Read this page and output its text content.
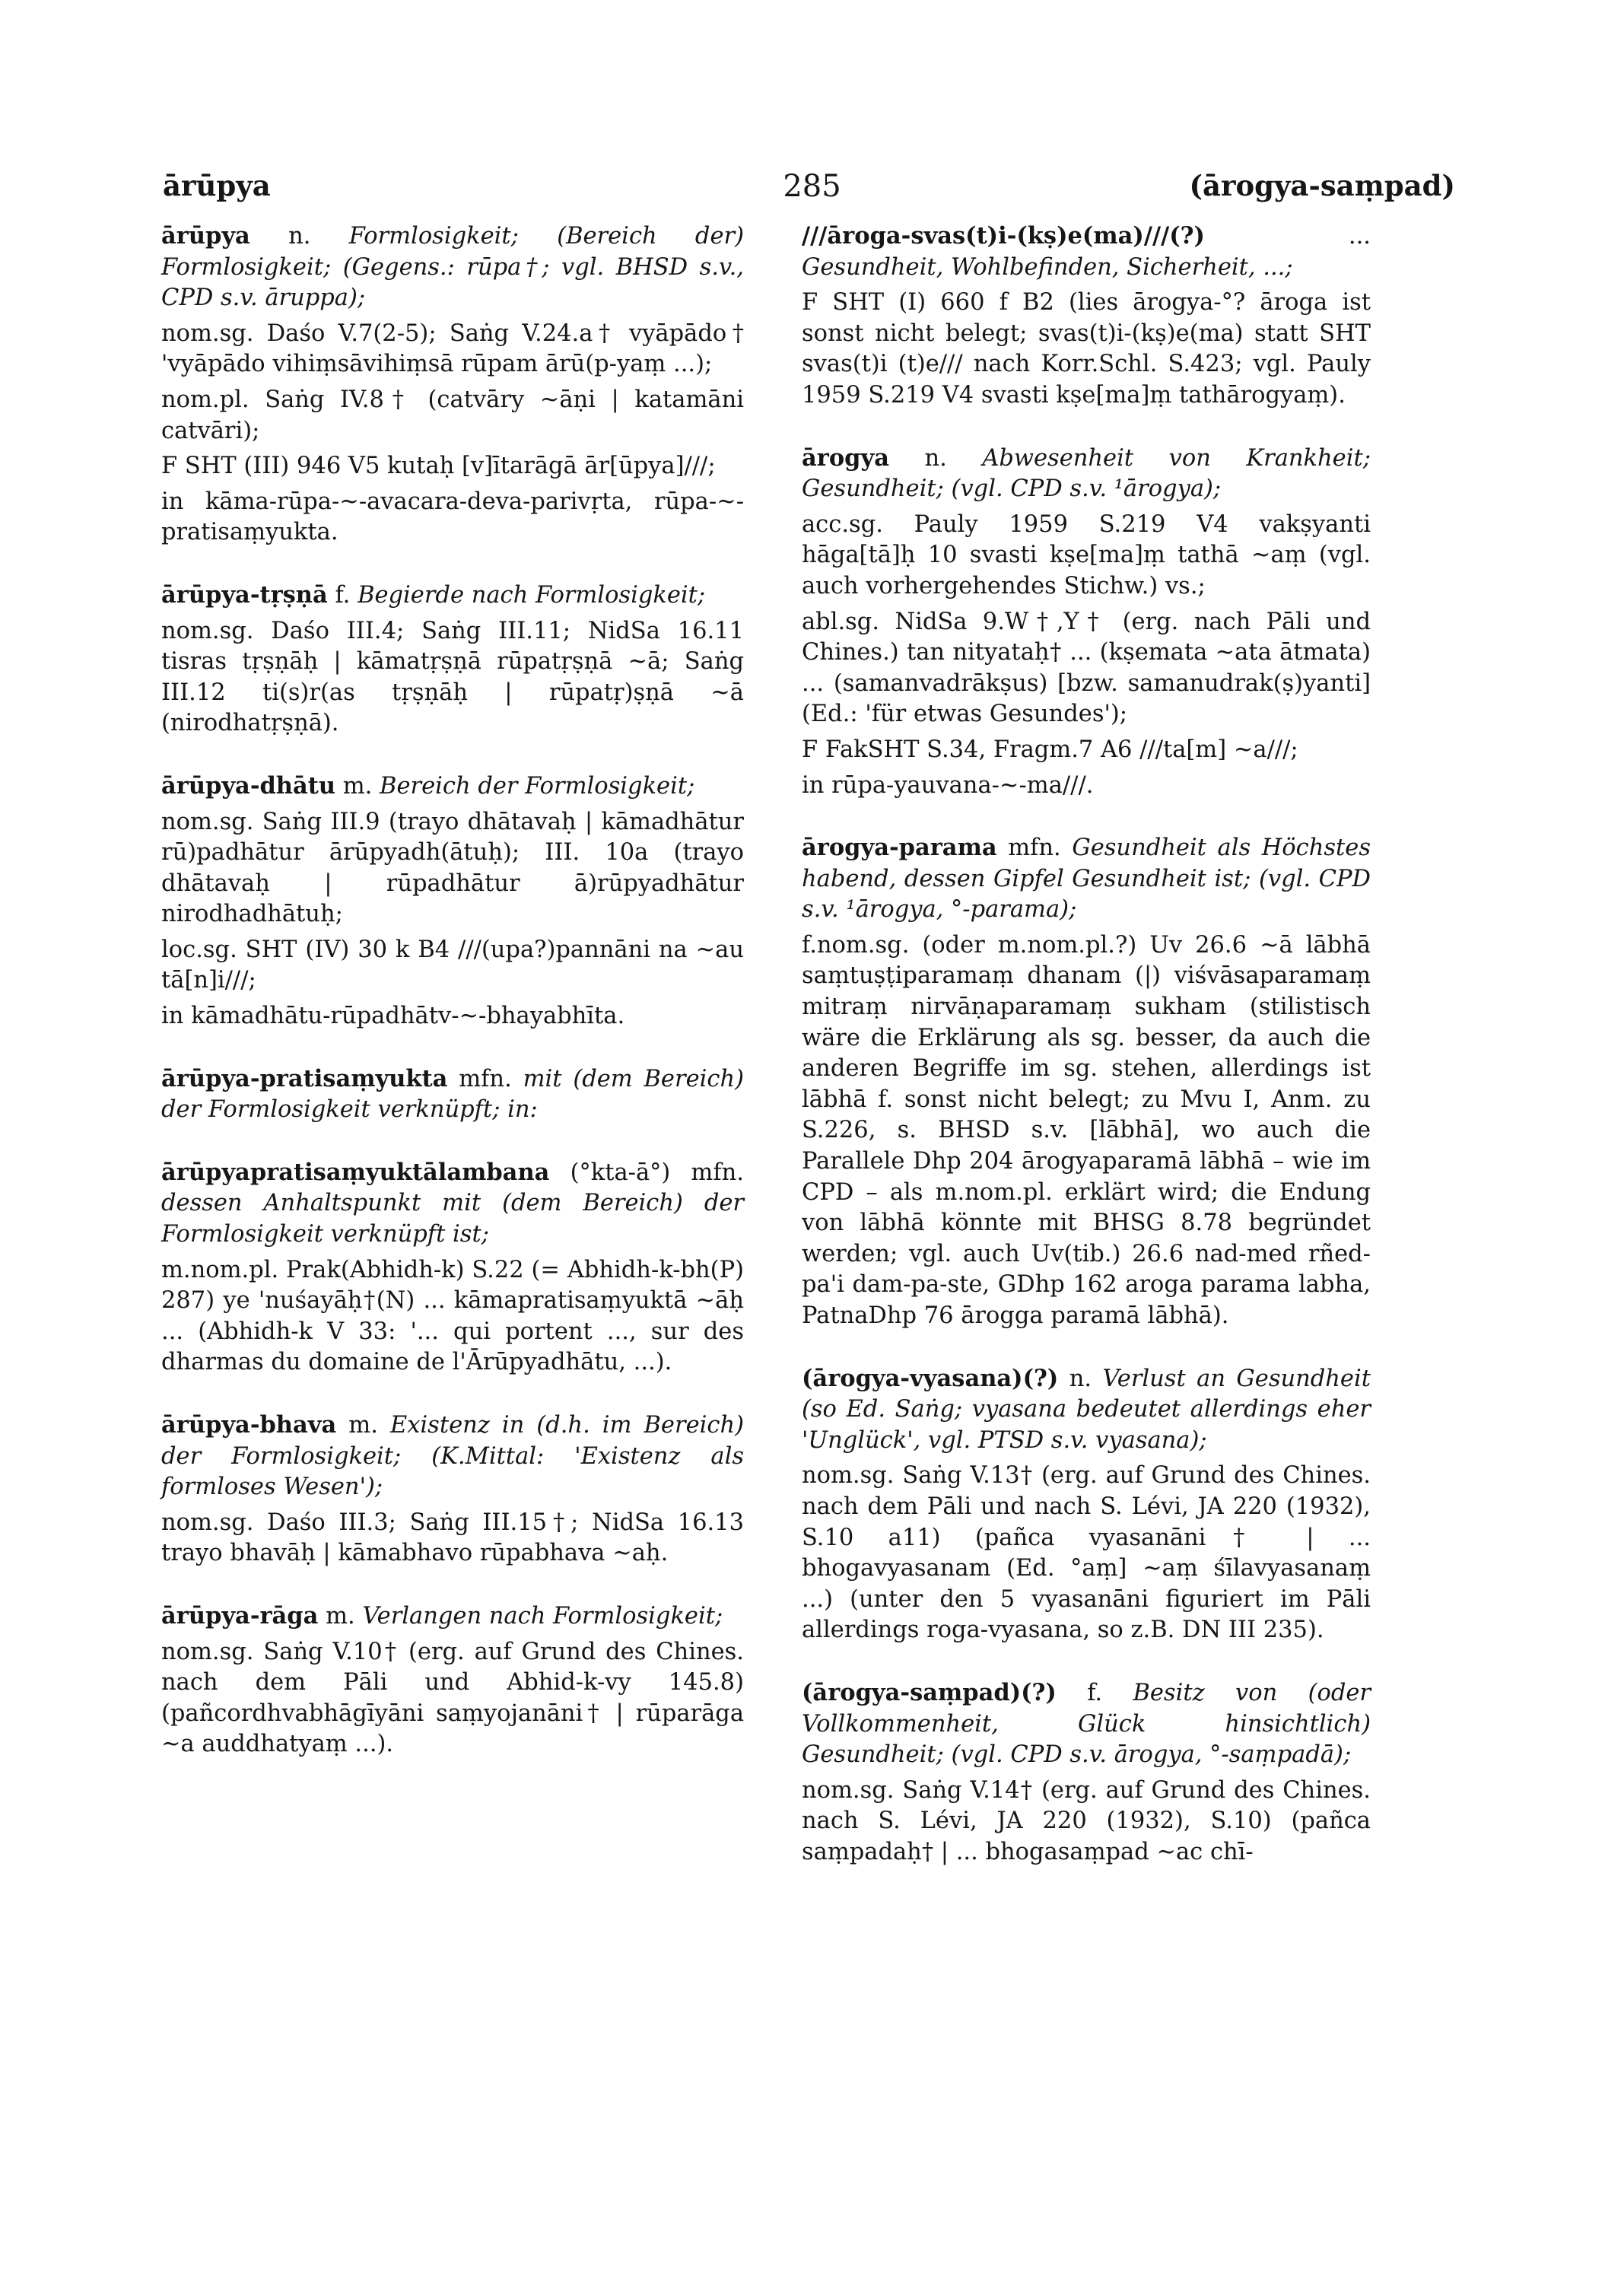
ārūpya	285	(ārogya-saṃpad)

ārūpya n. Formlosigkeit; (Bereich der) Formlosigkeit; (Gegens.: rūpa†; vgl. BHSD s.v., CPD s.v. āruppa);

nom.sg. Daśo V.7(2-5); Saṅg V.24.a† vyāpādo† 'vyāpādo vihiṃsāvihiṃsā rūpam ārū(p-yaṃ ...);

nom.pl. Saṅg IV.8† (catvāry ~āṇi | katamāni catvāri);

F SHT (III) 946 V5 kutaḥ [v]ītarāgā ār[ūpya]///;

in kāma-rūpa-~-avacara-deva-parivṛta, rūpa-~-pratisaṃyukta.

ārūpya-tṛṣṇā f. Begierde nach Formlosigkeit;

nom.sg. Daśo III.4; Saṅg III.11; NidSa 16.11 tisras tṛṣṇāḥ | kāmatṛṣṇā rūpatṛṣṇā ~ā; Saṅg III.12 ti(s)r(as tṛṣṇāḥ | rūpatṛ)ṣṇā ~ā (nirodhatṛṣṇā).

ārūpya-dhātu m. Bereich der Formlosigkeit;

nom.sg. Saṅg III.9 (trayo dhātavaḥ | kāmadhātur rū)padhātur ārūpyadh(ātuḥ); III. 10a (trayo dhātavaḥ | rūpadhātur ā)rūpyadhātur nirodhadhātuḥ;

loc.sg. SHT (IV) 30 k B4 ///(upa?)pannāni na ~au tā[n]i///;

in kāmadhātu-rūpadhātv-~-bhayabhīta.

ārūpya-pratisaṃyukta mfn. mit (dem Bereich) der Formlosigkeit verknüpft; in:

ārūpyapratisaṃyuktālambana (°kta-ā°) mfn. dessen Anhaltspunkt mit (dem Bereich) der Formlosigkeit verknüpft ist;

m.nom.pl. Prak(Abhidh-k) S.22 (= Abhidh-k-bh(P) 287) ye 'nuśayāḥ†(N) ... kāmapratisaṃyuktā ~āḥ ... (Abhidh-k V 33: '... qui portent ..., sur des dharmas du domaine de l'Ārūpyadhātu, ...).

ārūpya-bhava m. Existenz in (d.h. im Bereich) der Formlosigkeit; (K.Mittal: 'Existenz als formloses Wesen');

nom.sg. Daśo III.3; Saṅg III.15†; NidSa 16.13 trayo bhavāḥ | kāmabhavo rūpabhava ~aḥ.

ārūpya-rāga m. Verlangen nach Formlosigkeit;

nom.sg. Saṅg V.10† (erg. auf Grund des Chines. nach dem Pāli und Abhid-k-vy 145.8) (pañcordhvabhāgīyāni saṃyojanāni† | rūparāga ~a auddhatyaṃ ...).

///āroga-svas(t)i-(kṣ)e(ma)///(?)	... Gesundheit, Wohlbefinden, Sicherheit, ...;

F SHT (I) 660 f B2 (lies ārogya-°? āroga ist sonst nicht belegt; svas(t)i-(kṣ)e(ma) statt SHT svas(t)i (t)e/// nach Korr.Schl. S.423; vgl. Pauly 1959 S.219 V4 svasti kṣe[ma]ṃ tathārogyaṃ).

ārogya n. Abwesenheit von Krankheit; Gesundheit; (vgl. CPD s.v. ¹ārogya);

acc.sg. Pauly 1959 S.219 V4 vakṣyanti hāga[tā]ḥ 10 svasti kṣe[ma]ṃ tathā ~aṃ (vgl. auch vorhergehendes Stichw.) vs.;

abl.sg. NidSa 9.W†,Y† (erg. nach Pāli und Chines.) tan nityataḥ† ... (kṣemata ~ata ātmata) ... (samanvadrākṣus) [bzw. samanudrak(ṣ)yanti] (Ed.: 'für etwas Gesundes');

F FakSHT S.34, Fragm.7 A6 ///ta[m] ~a///;

in rūpa-yauvana-~-ma///.

ārogya-parama mfn. Gesundheit als Höchstes habend, dessen Gipfel Gesundheit ist; (vgl. CPD s.v. ¹ārogya, °-parama);

f.nom.sg. (oder m.nom.pl.?) Uv 26.6 ~ā lābhā saṃtuṣṭiparamaṃ dhanam (|) viśvāsaparamaṃ mitraṃ nirvāṇaparamaṃ sukham (stilistisch wäre die Erklärung als sg. besser, da auch die anderen Begriffe im sg. stehen, allerdings ist lābhā f. sonst nicht belegt; zu Mvu I, Anm. zu S.226, s. BHSD s.v. [lābhā], wo auch die Parallele Dhp 204 ārogyaparamā lābhā – wie im CPD – als m.nom.pl. erklärt wird; die Endung von lābhā könnte mit BHSG 8.78 begründet werden; vgl. auch Uv(tib.) 26.6 nad-med rñed-pa'i dam-pa-ste, GDhp 162 aroga parama labha, PatnaDhp 76 ārogga paramā lābhā).

(ārogya-vyasana)(?) n. Verlust an Gesundheit (so Ed. Saṅg; vyasana bedeutet allerdings eher 'Unglück', vgl. PTSD s.v. vyasana);

nom.sg. Saṅg V.13† (erg. auf Grund des Chines. nach dem Pāli und nach S. Lévi, JA 220 (1932), S.10 a11) (pañca vyasanāni† | ... bhogavyasanam (Ed. °aṃ] ~aṃ śīlavyasanaṃ ...) (unter den 5 vyasanāni figuriert im Pāli allerdings roga-vyasana, so z.B. DN III 235).

(ārogya-saṃpad)(?) f. Besitz von (oder Vollkommenheit, Glück hinsichtlich) Gesundheit; (vgl. CPD s.v. ārogya, °-saṃpadā);

nom.sg. Saṅg V.14† (erg. auf Grund des Chines. nach S. Lévi, JA 220 (1932), S.10) (pañca saṃpadaḥ† | ... bhogasaṃpad ~ac chī-
